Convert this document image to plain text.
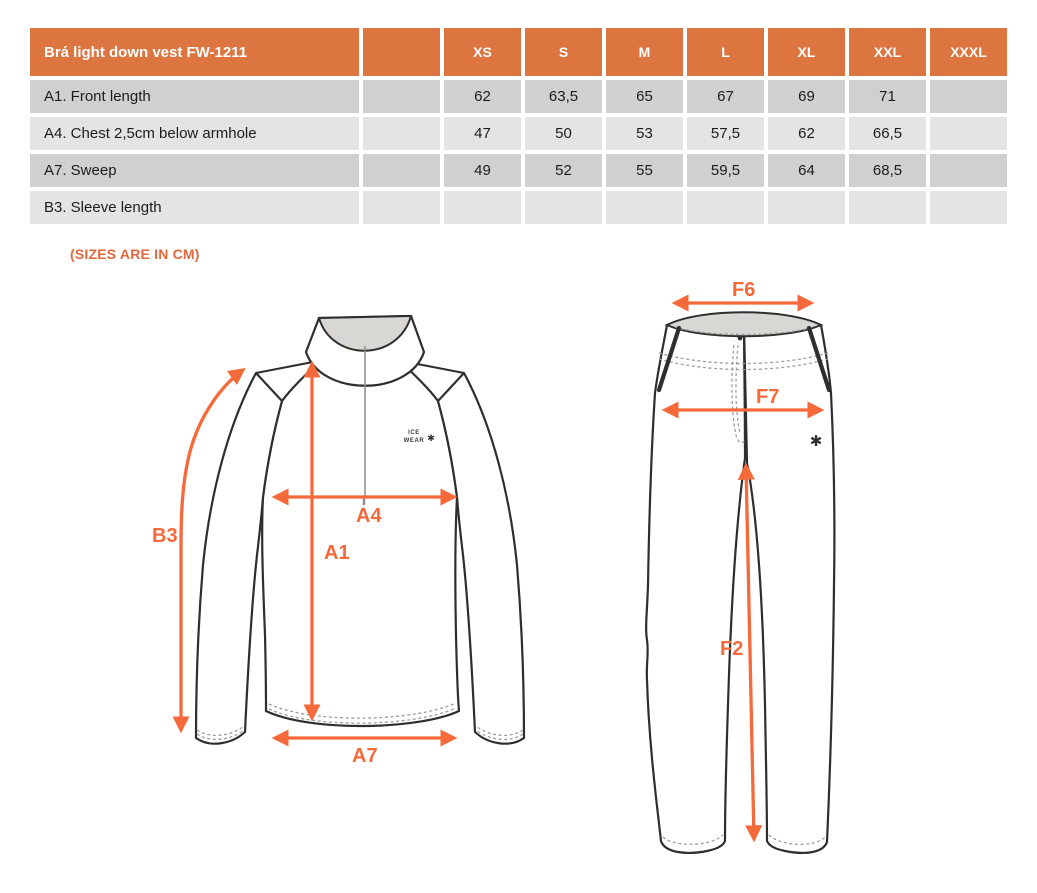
Brá light down vest FW-1211	XS	S	M	L	XL	XXL	XXXL
A1. Front length	62	63,5	65	67	69	71
A4. Chest 2,5cm below armhole	47	50	53	57,5	62	66,5
A7. Sweep	49	52	55	59,5	64	68,5
B3. Sleeve length
(SIZES ARE IN CM)
ICE
WEAR ✱
B3
A4
A1
A7
✱
F6
F7
F2
